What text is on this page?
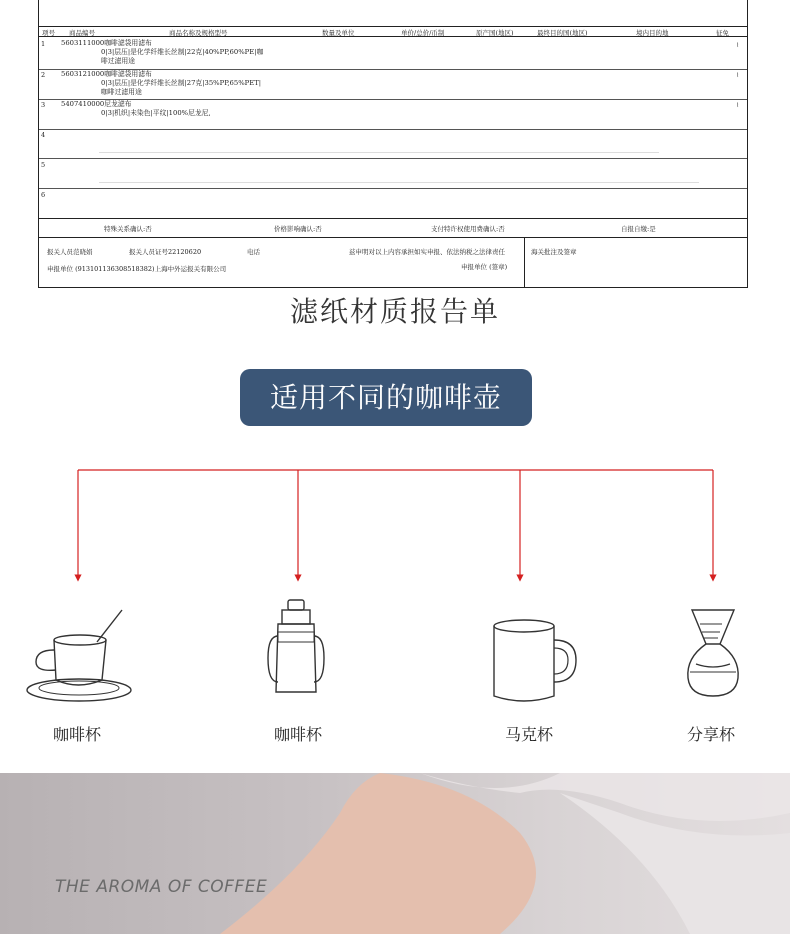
项号 商品编号	商品名称及规格型号	数量及单位	单价/总价/币制	原产国(地区)	最终目的国(地区)	境内目的地	征免
1 5603111000咖啡滤袋用滤布
0|3|层压|是化学纤维长丝制|22克|40%PP,60%PE|咖
啡过滤用途
2 5603121000咖啡滤袋用滤布
0|3|层压|是化学纤维长丝制|27克|35%PP,65%PET|
咖啡过滤用途
3 5407410000尼龙滤布
0|3|机织|未染色|平纹|100%尼龙尼,
4
5
6
⌇
⌇
⌇
特殊关系确认:否	价格影响确认:否	支付特许权使用费确认:否	自报自缴:是
报关人员范晓娟	报关人员证号22120620	电话	兹申明对以上内容承担如实申报、依法纳税之法律责任	海关批注及签章
申报单位 (913101136308518382)上海中外运报关有限公司	申报单位 (签章)
滤纸材质报告单
适用不同的咖啡壶
咖啡杯	咖啡杯	马克杯	分享杯
THE AROMA OF COFFEE
